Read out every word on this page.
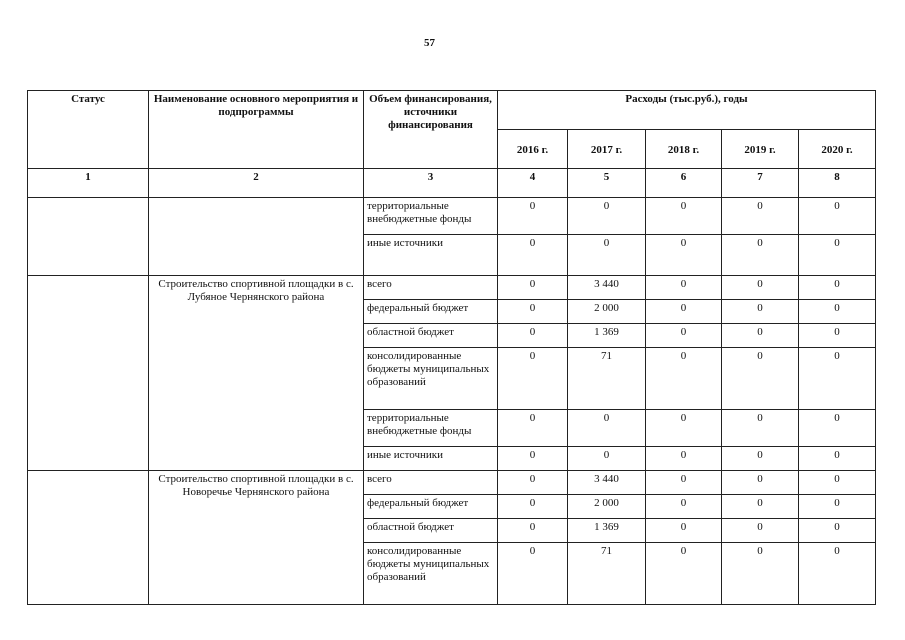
57
Статус	Наименование основного мероприятия и подпрограммы	Объем финансирования, источники финансирования	Расходы (тыс.руб.), годы				
			2016 г.	2017 г.	2018 г.	2019 г.	2020 г.
1	2	3	4	5	6	7	8
		территориальные внебюджетные фонды	0	0	0	0	0
		иные источники	0	0	0	0	0
	Строительство спортивной площадки в с. Лубяное Чернянского района	всего	0	3 440	0	0	0
		федеральный бюджет	0	2 000	0	0	0
		областной бюджет	0	1 369	0	0	0
		консолидированные бюджеты муниципальных образований	0	71	0	0	0
		территориальные внебюджетные фонды	0	0	0	0	0
		иные источники	0	0	0	0	0
	Строительство спортивной площадки в с. Новоречье Чернянского района	всего	0	3 440	0	0	0
		федеральный бюджет	0	2 000	0	0	0
		областной бюджет	0	1 369	0	0	0
		консолидированные бюджеты муниципальных образований	0	71	0	0	0
